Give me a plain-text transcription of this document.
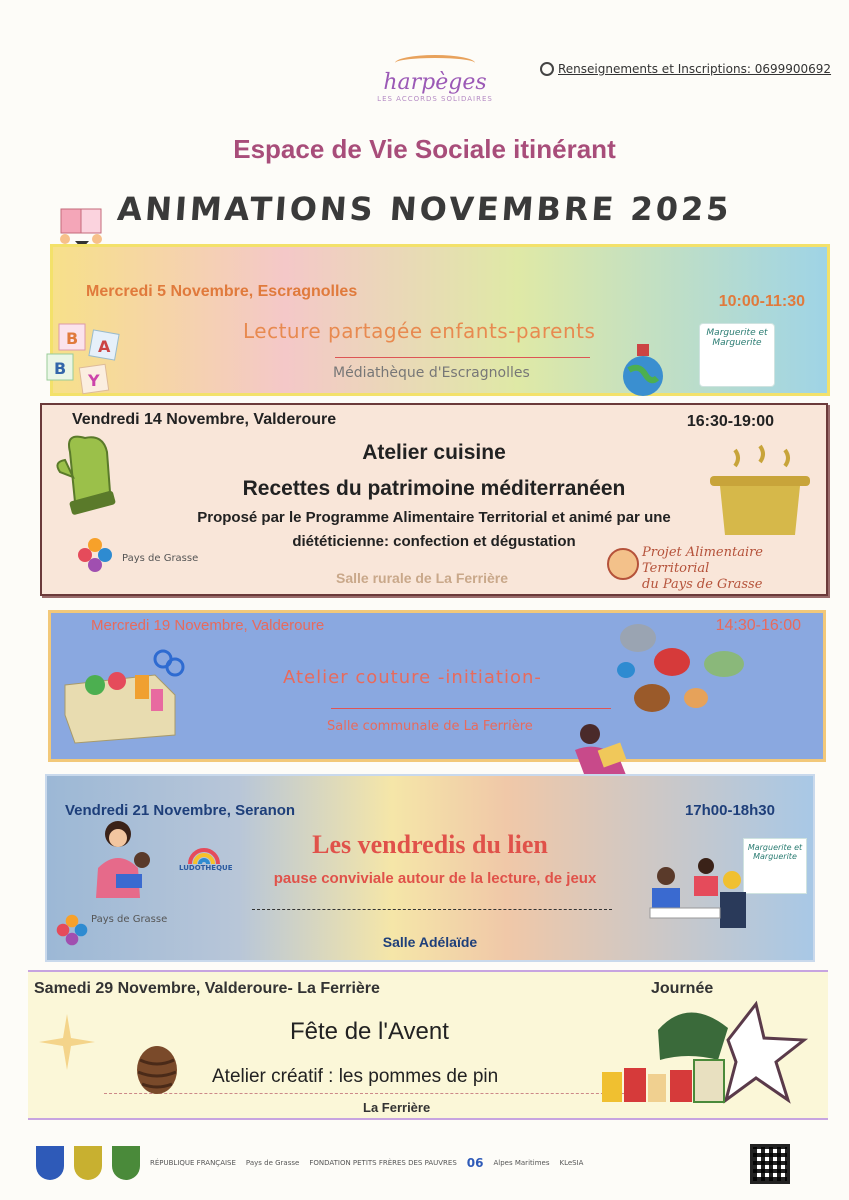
harpèges
LES ACCORDS SOLIDAIRES
Renseignements et Inscriptions: 0699900692
Espace de Vie Sociale itinérant
ANIMATIONS NOVEMBRE 2025
Mercredi 5 Novembre, Escragnolles
10:00-11:30
Lecture partagée enfants-parents
Médiathèque d'Escragnolles
Marguerite et Marguerite
B A
B
Y
Vendredi 14 Novembre, Valderoure	16:30-19:00
Atelier cuisine
Recettes du patrimoine méditerranéen
Proposé par le Programme Alimentaire Territorial et animé par une
diététicienne: confection et dégustation
Salle rurale de La Ferrière
Pays de Grasse	Projet Alimentaire Territorial
du Pays de Grasse
Mercredi 19 Novembre, Valderoure	14:30-16:00
Atelier couture -initiation-
Salle communale de La Ferrière
Vendredi 21 Novembre, Seranon	17h00-18h30
Les vendredis du lien
pause conviviale autour de la lecture, de jeux
Salle Adélaïde
Pays de Grasse
LUDOTHEQUE
Marguerite et Marguerite
Samedi 29 Novembre, Valderoure- La Ferrière	Journée
Fête de l'Avent
Atelier créatif : les pommes de pin
La Ferrière
RÉPUBLIQUE FRANÇAISE Pays de Grasse FONDATION PETITS FRÈRES DES PAUVRES 06 Alpes Maritimes KLeSIA
